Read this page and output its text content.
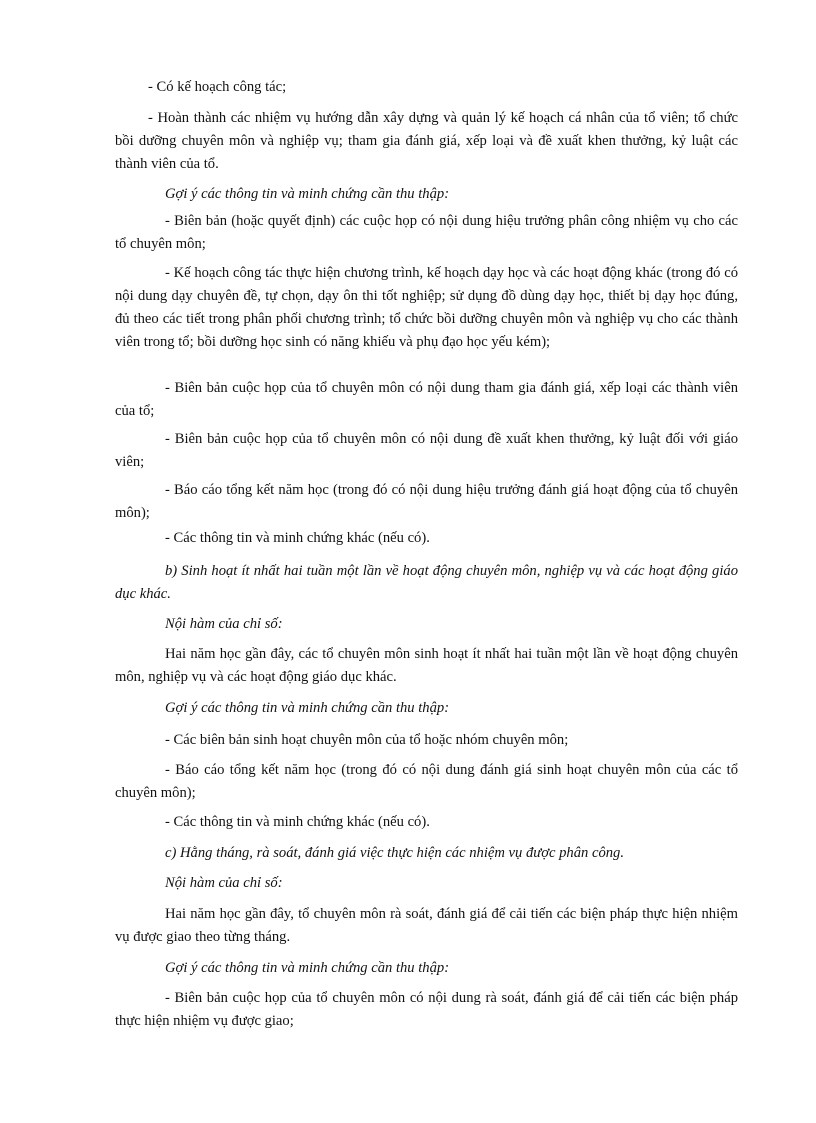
- Có kế hoạch công tác;

- Hoàn thành các nhiệm vụ hướng dẫn xây dựng và quản lý kế hoạch cá nhân của tổ viên; tổ chức bồi dưỡng chuyên môn và nghiệp vụ; tham gia đánh giá, xếp loại và đề xuất khen thưởng, kỷ luật các thành viên của tổ.

Gợi ý các thông tin và minh chứng cần thu thập:

- Biên bản (hoặc quyết định) các cuộc họp có nội dung hiệu trưởng phân công nhiệm vụ cho các tổ chuyên môn;

- Kế hoạch công tác thực hiện chương trình, kế hoạch dạy học và các hoạt động khác (trong đó có nội dung dạy chuyên đề, tự chọn, dạy ôn thi tốt nghiệp; sử dụng đồ dùng dạy học, thiết bị dạy học đúng, đủ theo các tiết trong phân phối chương trình; tổ chức bồi dưỡng chuyên môn và nghiệp vụ cho các thành viên trong tổ; bồi dưỡng học sinh có năng khiếu và phụ đạo học yếu kém);

- Biên bản cuộc họp của tổ chuyên môn có nội dung tham gia đánh giá, xếp loại các thành viên của tổ;

- Biên bản cuộc họp của tổ chuyên môn có nội dung đề xuất khen thưởng, kỷ luật đối với giáo viên;

- Báo cáo tổng kết năm học (trong đó có nội dung hiệu trưởng đánh giá hoạt động của tổ chuyên môn);

- Các thông tin và minh chứng khác (nếu có).

b) Sinh hoạt ít nhất hai tuần một lần về hoạt động chuyên môn, nghiệp vụ và các hoạt động giáo dục khác.

Nội hàm của chỉ số:

Hai năm học gần đây, các tổ chuyên môn sinh hoạt ít nhất hai tuần một lần về hoạt động chuyên môn, nghiệp vụ và các hoạt động giáo dục khác.

Gợi ý các thông tin và minh chứng cần thu thập:

- Các biên bản sinh hoạt chuyên môn của tổ hoặc nhóm chuyên môn;

- Báo cáo tổng kết năm học (trong đó có nội dung đánh giá sinh hoạt chuyên môn của các tổ chuyên môn);

- Các thông tin và minh chứng khác (nếu có).

c) Hằng tháng, rà soát, đánh giá việc thực hiện các nhiệm vụ được phân công.

Nội hàm của chỉ số:

Hai năm học gần đây, tổ chuyên môn rà soát, đánh giá để cải tiến các biện pháp thực hiện nhiệm vụ được giao theo từng tháng.

Gợi ý các thông tin và minh chứng cần thu thập:

- Biên bản cuộc họp của tổ chuyên môn có nội dung rà soát, đánh giá để cải tiến các biện pháp thực hiện nhiệm vụ được giao;
